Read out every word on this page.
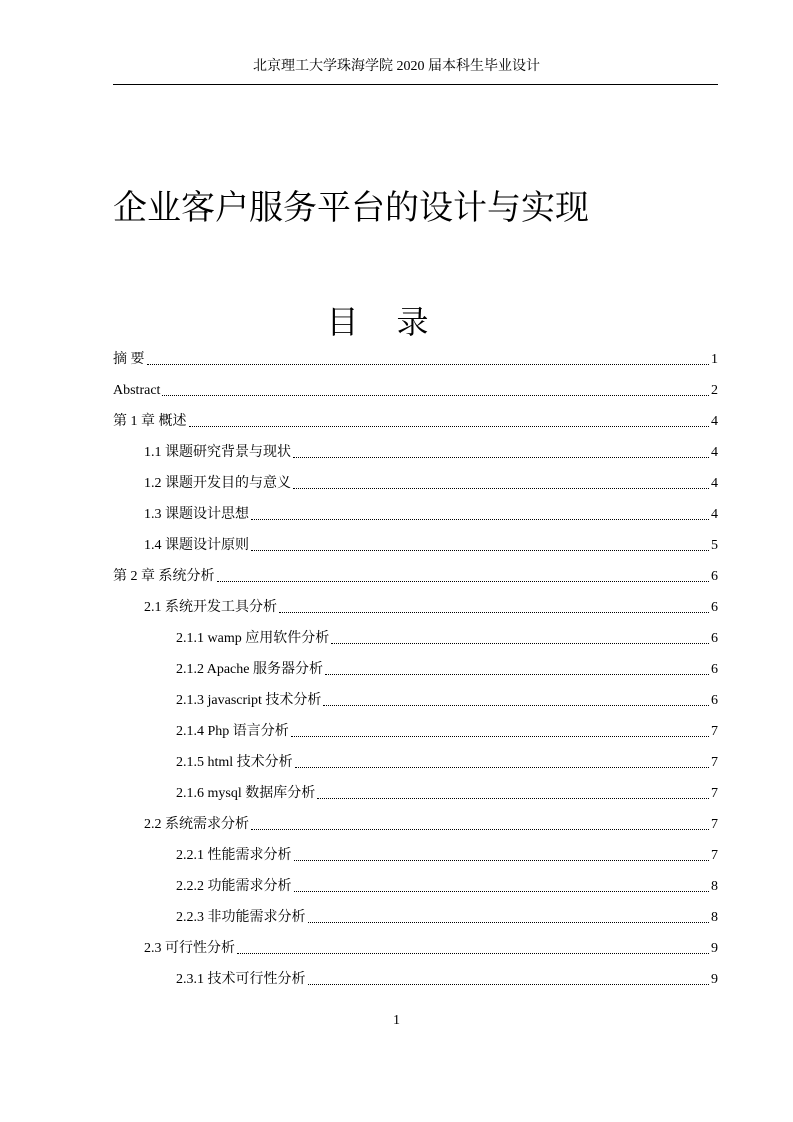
北京理工大学珠海学院 2020 届本科生毕业设计
企业客户服务平台的设计与实现
目录
摘 要	1
Abstract	2
第 1 章 概述	4
1.1 课题研究背景与现状	4
1.2 课题开发目的与意义	4
1.3 课题设计思想	4
1.4 课题设计原则	5
第 2 章 系统分析	6
2.1 系统开发工具分析	6
2.1.1 wamp 应用软件分析	6
2.1.2 Apache 服务器分析	6
2.1.3 javascript 技术分析	6
2.1.4 Php 语言分析	7
2.1.5 html 技术分析	7
2.1.6 mysql 数据库分析	7
2.2 系统需求分析	7
2.2.1 性能需求分析	7
2.2.2 功能需求分析	8
2.2.3 非功能需求分析	8
2.3 可行性分析	9
2.3.1 技术可行性分析	9
1
